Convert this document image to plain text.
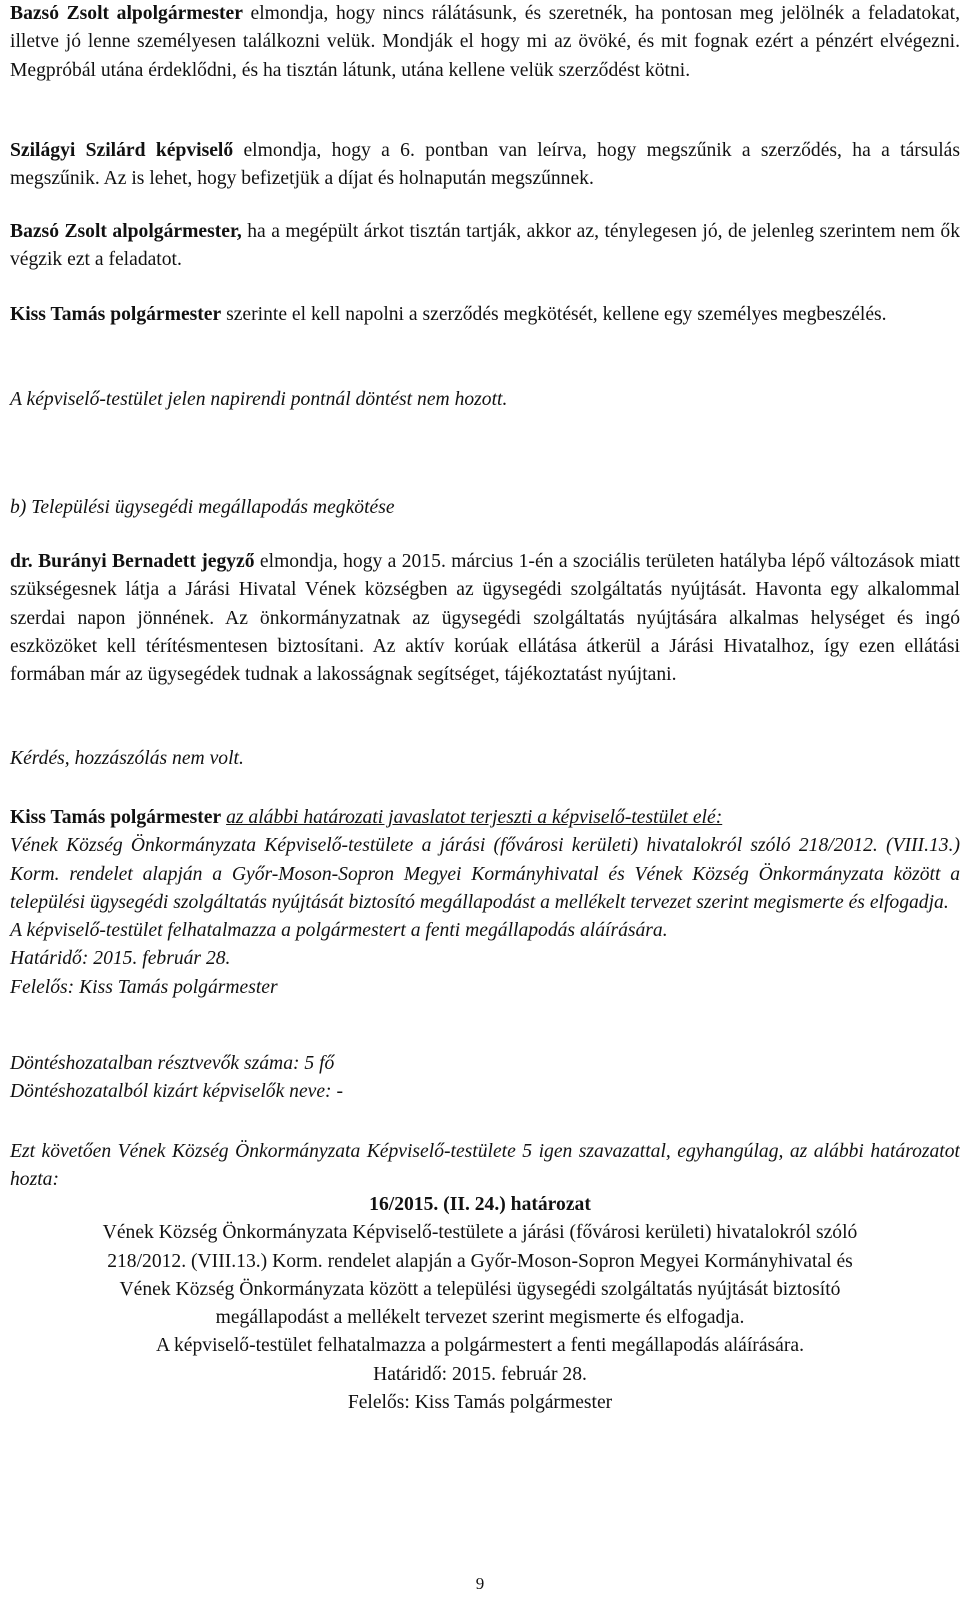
Bazsó Zsolt alpolgármester elmondja, hogy nincs rálátásunk, és szeretnék, ha pontosan meg jelölnék a feladatokat, illetve jó lenne személyesen találkozni velük. Mondják el hogy mi az övöké, és mit fognak ezért a pénzért elvégezni. Megpróbál utána érdeklődni, és ha tisztán látunk, utána kellene velük szerződést kötni.

Szilágyi Szilárd képviselő elmondja, hogy a 6. pontban van leírva, hogy megszűnik a szerződés, ha a társulás megszűnik. Az is lehet, hogy befizetjük a díjat és holnapután megszűnnek.

Bazsó Zsolt alpolgármester, ha a megépült árkot tisztán tartják, akkor az, ténylegesen jó, de jelenleg szerintem nem ők végzik ezt a feladatot.

Kiss Tamás polgármester szerinte el kell napolni a szerződés megkötését, kellene egy személyes megbeszélés.

A képviselő-testület jelen napirendi pontnál döntést nem hozott.

b) Települési ügysegédi megállapodás megkötése

dr. Burányi Bernadett jegyző elmondja, hogy a 2015. március 1-én a szociális területen hatályba lépő változások miatt szükségesnek látja a Járási Hivatal Vének községben az ügysegédi szolgáltatás nyújtását. Havonta egy alkalommal szerdai napon jönnének. Az önkormányzatnak az ügysegédi szolgáltatás nyújtására alkalmas helységet és ingó eszközöket kell térítésmentesen biztosítani. Az aktív korúak ellátása átkerül a Járási Hivatalhoz, így ezen ellátási formában már az ügysegédek tudnak a lakosságnak segítséget, tájékoztatást nyújtani.

Kérdés, hozzászólás nem volt.

Kiss Tamás polgármester az alábbi határozati javaslatot terjeszti a képviselő-testület elé:
Vének Község Önkormányzata Képviselő-testülete a járási (fővárosi kerületi) hivatalokról szóló 218/2012. (VIII.13.) Korm. rendelet alapján a Győr-Moson-Sopron Megyei Kormányhivatal és Vének Község Önkormányzata között a települési ügysegédi szolgáltatás nyújtását biztosító megállapodást a mellékelt tervezet szerint megismerte és elfogadja.
A képviselő-testület felhatalmazza a polgármestert a fenti megállapodás aláírására.
Határidő: 2015. február 28.
Felelős: Kiss Tamás polgármester
Döntéshozatalban résztvevők száma: 5 fő
Döntéshozatalból kizárt képviselők neve: -

Ezt követően Vének Község Önkormányzata Képviselő-testülete 5 igen szavazattal, egyhangúlag, az alábbi határozatot hozta:

16/2015. (II. 24.) határozat
Vének Község Önkormányzata Képviselő-testülete a járási (fővárosi kerületi) hivatalokról szóló
218/2012. (VIII.13.) Korm. rendelet alapján a Győr-Moson-Sopron Megyei Kormányhivatal és
Vének Község Önkormányzata között a települési ügysegédi szolgáltatás nyújtását biztosító
megállapodást a mellékelt tervezet szerint megismerte és elfogadja.
A képviselő-testület felhatalmazza a polgármestert a fenti megállapodás aláírására.
Határidő: 2015. február 28.
Felelős: Kiss Tamás polgármester
9
